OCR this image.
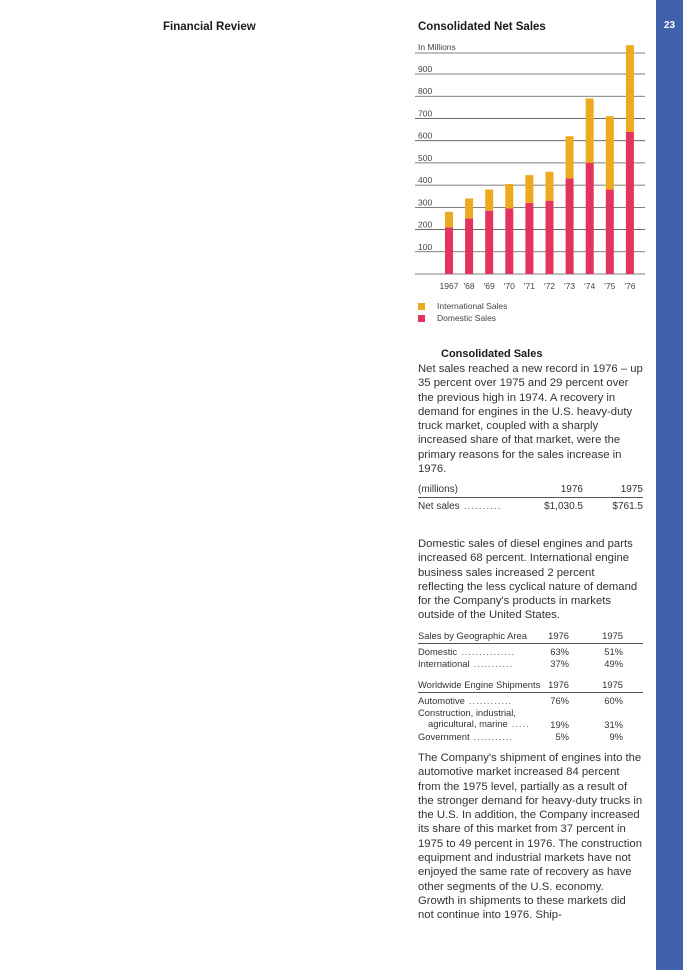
Financial Review	23
Consolidated Net Sales
In Millions
100
200
300
400
500
600
700
800
900
1967 '68 '69 '70 '71 '72 '73 '74 '75 '76
International Sales
Domestic Sales
Consolidated Sales
Net sales reached a new record in 1976 – up 35 percent over 1975 and 29 percent over the previous high in 1974. A recovery in demand for engines in the U.S. heavy-duty truck market, coupled with a sharply increased share of that market, were the primary reasons for the sales increase in 1976.
(millions)	1976	1975
Net sales ..........	$1,030.5	$761.5
Domestic sales of diesel engines and parts increased 68 percent. International engine business sales increased 2 percent reflecting the less cyclical nature of demand for the Company's products in markets outside of the United States.
Sales by Geographic Area	1976	1975
Domestic ...............	63%	51%
International ...........	37%	49%
Worldwide Engine Shipments 1976	1975
Automotive ............	76%	60%
Construction, industrial,
agricultural, marine .....	19%	31%
Government ...........	5%	9%
The Company's shipment of engines into the automotive market increased 84 percent from the 1975 level, partially as a result of the stronger demand for heavy-duty trucks in the U.S. In addition, the Company increased its share of this market from 37 percent in 1975 to 49 percent in 1976. The construction equipment and industrial markets have not enjoyed the same rate of recovery as have other segments of the U.S. economy. Growth in shipments to these markets did not continue into 1976. Ship-
